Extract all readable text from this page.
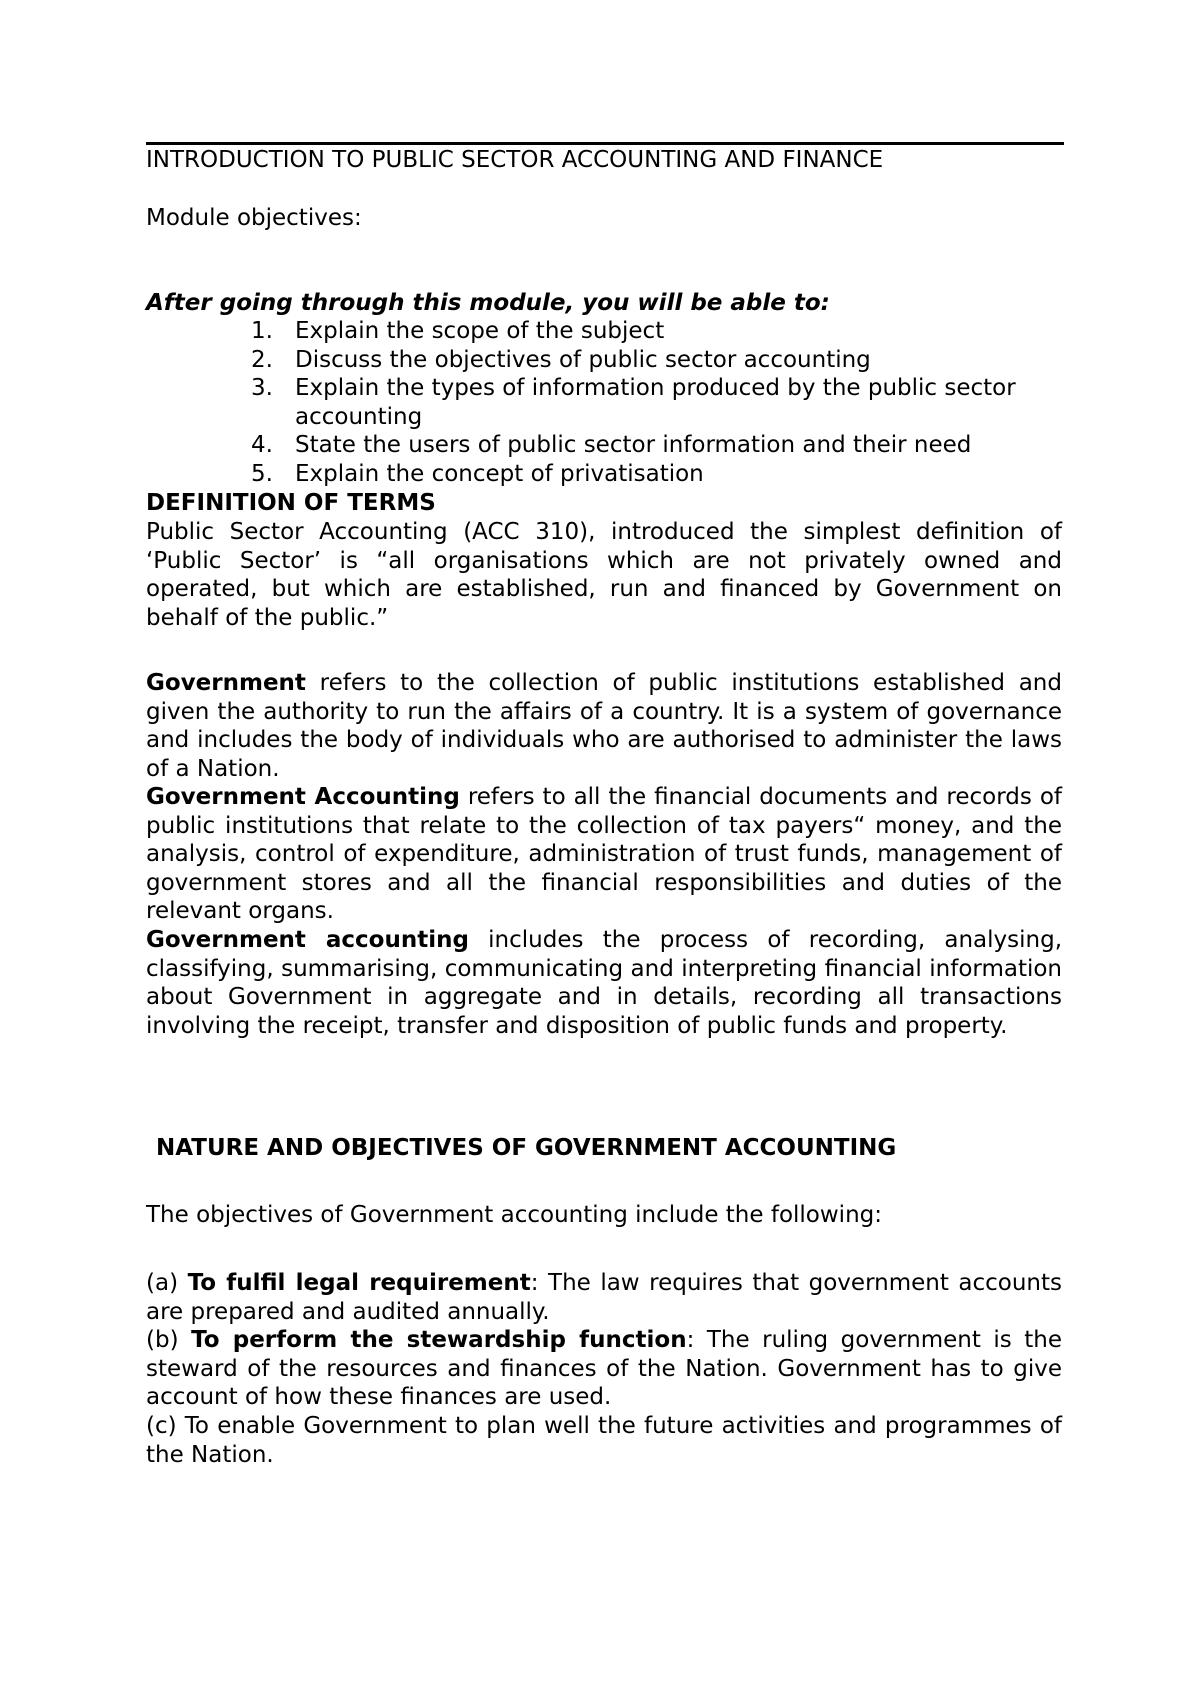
INTRODUCTION TO PUBLIC SECTOR ACCOUNTING AND FINANCE

Module objectives:

After going through this module, you will be able to:

1. Explain the scope of the subject
2. Discuss the objectives of public sector accounting
3. Explain the types of information produced by the public sector accounting
4. State the users of public sector information and their need
5. Explain the concept of privatisation

DEFINITION OF TERMS

Public Sector Accounting (ACC 310), introduced the simplest definition of ‘Public Sector’ is “all organisations which are not privately owned and operated, but which are established, run and financed by Government on behalf of the public.”

Government refers to the collection of public institutions established and given the authority to run the affairs of a country. It is a system of governance and includes the body of individuals who are authorised to administer the laws of a Nation.

Government Accounting refers to all the financial documents and records of public institutions that relate to the collection of tax payers“ money, and the analysis, control of expenditure, administration of trust funds, management of government stores and all the financial responsibilities and duties of the relevant organs.

Government accounting includes the process of recording, analysing, classifying, summarising, communicating and interpreting financial information about Government in aggregate and in details, recording all transactions involving the receipt, transfer and disposition of public funds and property.

NATURE AND OBJECTIVES OF GOVERNMENT ACCOUNTING

The objectives of Government accounting include the following:

(a) To fulfil legal requirement: The law requires that government accounts are prepared and audited annually.

(b) To perform the stewardship function: The ruling government is the steward of the resources and finances of the Nation. Government has to give account of how these finances are used.

(c) To enable Government to plan well the future activities and programmes of the Nation.
